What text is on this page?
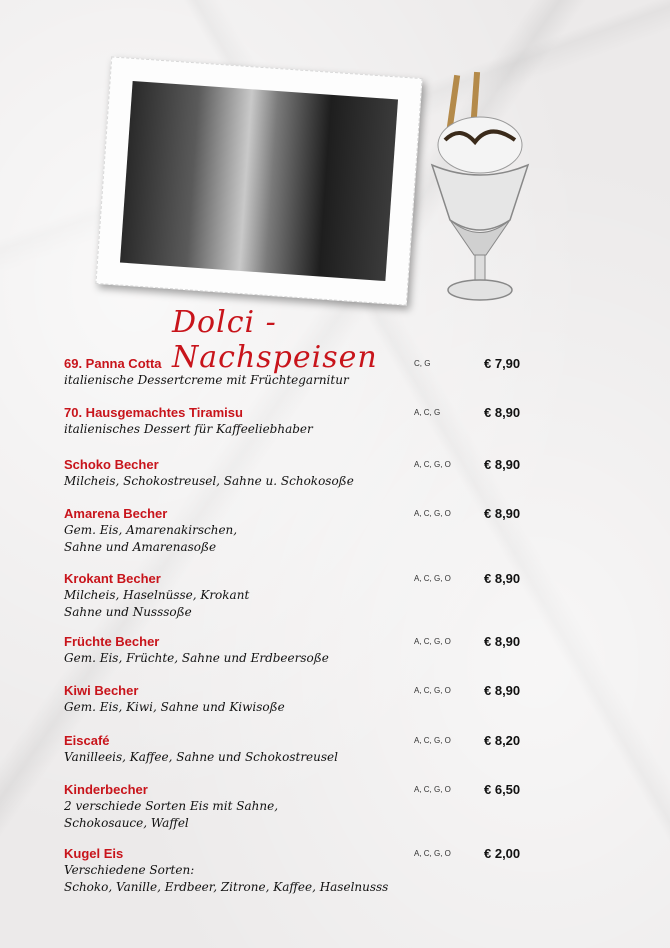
Dolci - Nachspeisen
69. Panna Cotta	C, G	€ 7,90
italienische Dessertcreme mit Früchtegarnitur
70. Hausgemachtes Tiramisu	A, C, G	€ 8,90
italienisches Dessert für Kaffeeliebhaber
Schoko Becher	A, C, G, O	€ 8,90
Milcheis, Schokostreusel, Sahne u. Schokosoße
Amarena Becher	A, C, G, O	€ 8,90
Gem. Eis, Amarenakirschen,
Sahne und Amarenasoße
Krokant Becher	A, C, G, O	€ 8,90
Milcheis, Haselnüsse, Krokant
Sahne und Nusssoße
Früchte Becher	A, C, G, O	€ 8,90
Gem. Eis, Früchte, Sahne und Erdbeersoße
Kiwi Becher	A, C, G, O	€ 8,90
Gem. Eis, Kiwi, Sahne und Kiwisoße
Eiscafé	A, C, G, O	€ 8,20
Vanilleeis, Kaffee, Sahne und Schokostreusel
Kinderbecher	A, C, G, O	€ 6,50
2 verschiede Sorten Eis mit Sahne,
Schokosauce, Waffel
Kugel Eis	A, C, G, O	€ 2,00
Verschiedene Sorten:
Schoko, Vanille, Erdbeer, Zitrone, Kaffee, Haselnusss
